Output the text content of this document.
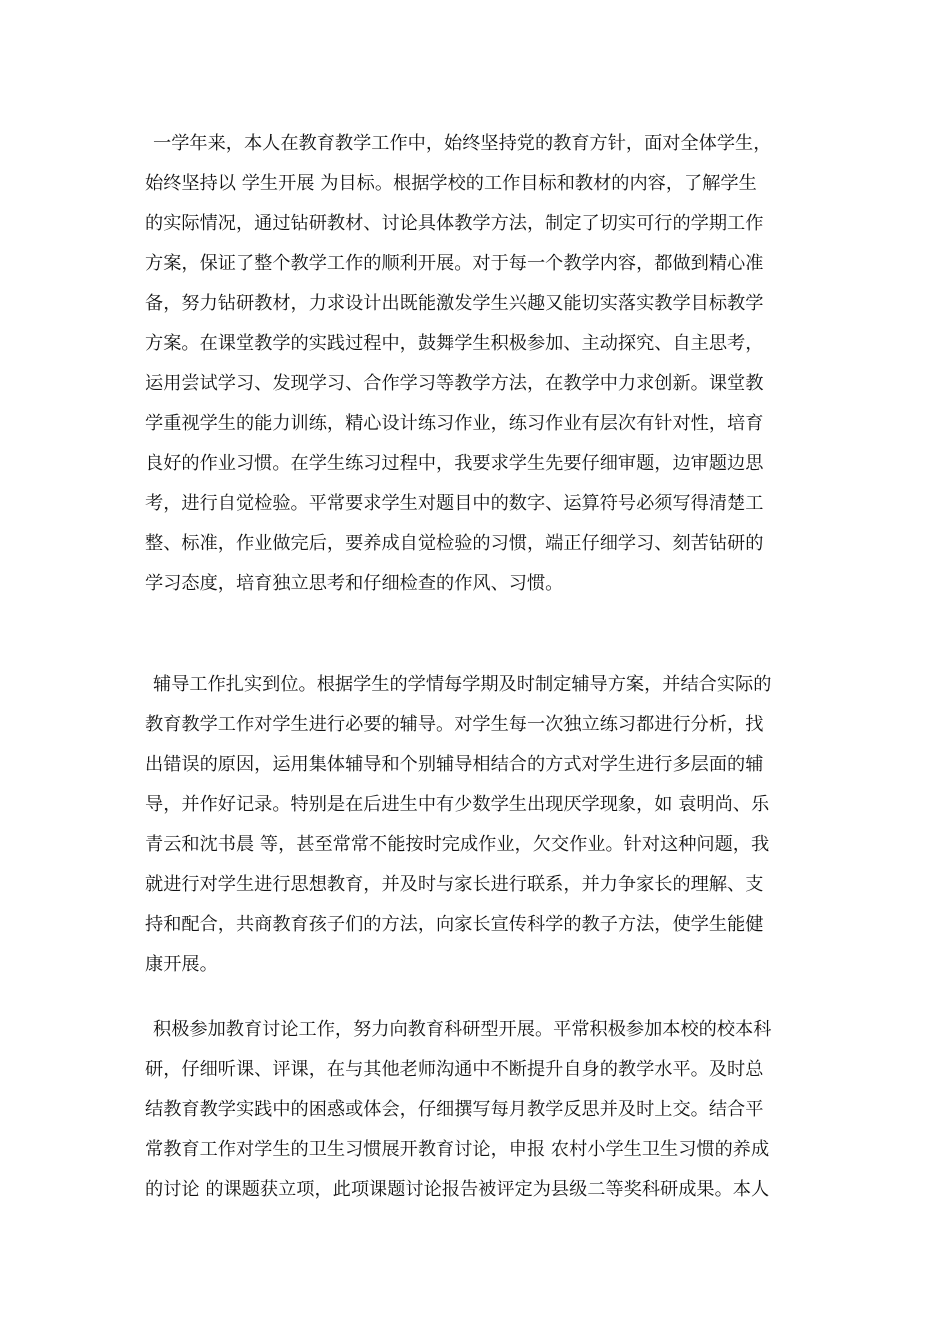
一学年来，本人在教育教学工作中，始终坚持党的教育方针，面对全体学生，
始终坚持以 学生开展 为目标。根据学校的工作目标和教材的内容，了解学生
的实际情况，通过钻研教材、讨论具体教学方法，制定了切实可行的学期工作
方案，保证了整个教学工作的顺利开展。对于每一个教学内容，都做到精心准
备，努力钻研教材，力求设计出既能激发学生兴趣又能切实落实教学目标教学
方案。在课堂教学的实践过程中，鼓舞学生积极参加、主动探究、自主思考，
运用尝试学习、发现学习、合作学习等教学方法，在教学中力求创新。课堂教
学重视学生的能力训练，精心设计练习作业，练习作业有层次有针对性，培育
良好的作业习惯。在学生练习过程中，我要求学生先要仔细审题，边审题边思
考，进行自觉检验。平常要求学生对题目中的数字、运算符号必须写得清楚工
整、标准，作业做完后，要养成自觉检验的习惯，端正仔细学习、刻苦钻研的
学习态度，培育独立思考和仔细检查的作风、习惯。
辅导工作扎实到位。根据学生的学情每学期及时制定辅导方案，并结合实际的
教育教学工作对学生进行必要的辅导。对学生每一次独立练习都进行分析，找
出错误的原因，运用集体辅导和个别辅导相结合的方式对学生进行多层面的辅
导，并作好记录。特别是在后进生中有少数学生出现厌学现象，如 袁明尚、乐
青云和沈书晨 等，甚至常常不能按时完成作业，欠交作业。针对这种问题，我
就进行对学生进行思想教育，并及时与家长进行联系，并力争家长的理解、支
持和配合，共商教育孩子们的方法，向家长宣传科学的教子方法，使学生能健
康开展。
积极参加教育讨论工作，努力向教育科研型开展。平常积极参加本校的校本科
研，仔细听课、评课，在与其他老师沟通中不断提升自身的教学水平。及时总
结教育教学实践中的困惑或体会，仔细撰写每月教学反思并及时上交。结合平
常教育工作对学生的卫生习惯展开教育讨论，申报 农村小学生卫生习惯的养成
的讨论 的课题获立项，此项课题讨论报告被评定为县级二等奖科研成果。本人
